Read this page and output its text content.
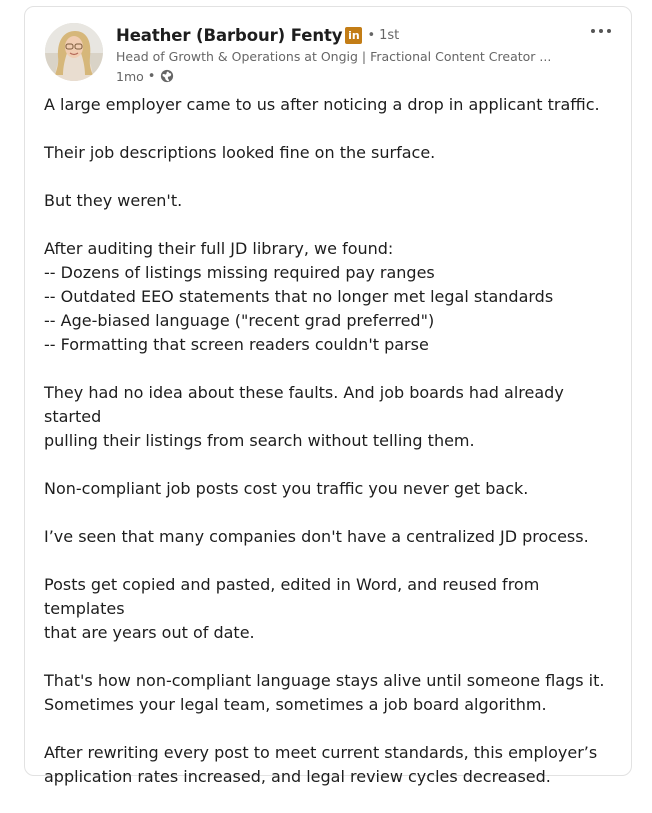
Heather (Barbour) Fenty in • 1st
Head of Growth & Operations at Ongig | Fractional Content Creator ...
1mo •
A large employer came to us after noticing a drop in applicant traffic.
Their job descriptions looked fine on the surface.
But they weren't.
After auditing their full JD library, we found:
-- Dozens of listings missing required pay ranges
-- Outdated EEO statements that no longer met legal standards
-- Age-biased language ("recent grad preferred")
-- Formatting that screen readers couldn't parse
They had no idea about these faults. And job boards had already started
pulling their listings from search without telling them.
Non-compliant job posts cost you traffic you never get back.
I’ve seen that many companies don't have a centralized JD process.
Posts get copied and pasted, edited in Word, and reused from templates
that are years out of date.
That's how non-compliant language stays alive until someone flags it.
Sometimes your legal team, sometimes a job board algorithm.
After rewriting every post to meet current standards, this employer’s
application rates increased, and legal review cycles decreased.
